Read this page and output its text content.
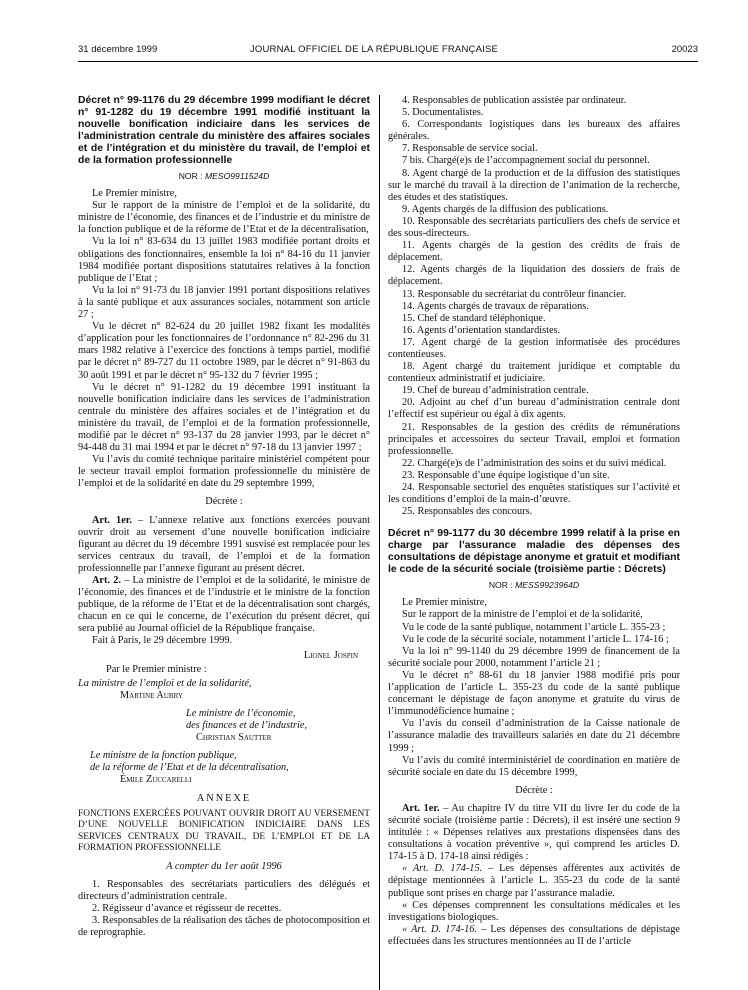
31 décembre 1999	JOURNAL OFFICIEL DE LA RÉPUBLIQUE FRANÇAISE	20023

Décret n° 99-1176 du 29 décembre 1999 modifiant le décret n° 91-1282 du 19 décembre 1991 modifié instituant la nouvelle bonification indiciaire dans les services de l’administration centrale du ministère des affaires sociales et de l’intégration et du ministère du travail, de l’emploi et de la formation professionnelle

NOR : MESO9911524D

Le Premier ministre,

Sur le rapport de la ministre de l’emploi et de la solidarité, du ministre de l’économie, des finances et de l’industrie et du ministre de la fonction publique et de la réforme de l’Etat et de la décentralisation,

Vu la loi n° 83-634 du 13 juillet 1983 modifiée portant droits et obligations des fonctionnaires, ensemble la loi n° 84-16 du 11 janvier 1984 modifiée portant dispositions statutaires relatives à la fonction publique de l’Etat ;

Vu la loi n° 91-73 du 18 janvier 1991 portant dispositions relatives à la santé publique et aux assurances sociales, notamment son article 27 ;

Vu le décret n° 82-624 du 20 juillet 1982 fixant les modalités d’application pour les fonctionnaires de l’ordonnance n° 82-296 du 31 mars 1982 relative à l’exercice des fonctions à temps partiel, modifié par le décret n° 89-727 du 11 octobre 1989, par le décret n° 91-863 du 30 août 1991 et par le décret n° 95-132 du 7 février 1995 ;

Vu le décret n° 91-1282 du 19 décembre 1991 instituant la nouvelle bonification indiciaire dans les services de l’administration centrale du ministère des affaires sociales et de l’intégration et du ministère du travail, de l’emploi et de la formation professionnelle, modifié par le décret n° 93-137 du 28 janvier 1993, par le décret n° 94-448 du 31 mai 1994 et par le décret n° 97-18 du 13 janvier 1997 ;

Vu l’avis du comité technique paritaire ministériel compétent pour le secteur travail emploi formation professionnelle du ministère de l’emploi et de la solidarité en date du 29 septembre 1999,

Décrète :

Art. 1er. – L’annexe relative aux fonctions exercées pouvant ouvrir droit au versement d’une nouvelle bonification indiciaire figurant au décret du 19 décembre 1991 susvisé est remplacée pour les services centraux du travail, de l’emploi et de la formation professionnelle par l’annexe figurant au présent décret.

Art. 2. – La ministre de l’emploi et de la solidarité, le ministre de l’économie, des finances et de l’industrie et le ministre de la fonction publique, de la réforme de l’Etat et de la décentralisation sont chargés, chacun en ce qui le concerne, de l’exécution du présent décret, qui sera publié au Journal officiel de la République française.

Fait à Paris, le 29 décembre 1999.

Lionel Jospin

Par le Premier ministre :

La ministre de l’emploi et de la solidarité,

Martine Aubry

Le ministre de l’économie,

des finances et de l’industrie,

Christian Sautter

Le ministre de la fonction publique,

de la réforme de l’Etat et de la décentralisation,

Émile Zuccarelli

ANNEXE

FONCTIONS EXERCÉES POUVANT OUVRIR DROIT AU VERSEMENT D’UNE NOUVELLE BONIFICATION INDICIAIRE DANS LES SERVICES CENTRAUX DU TRAVAIL, DE L’EMPLOI ET DE LA FORMATION PROFESSIONNELLE

A compter du 1er août 1996

1. Responsables des secrétariats particuliers des délégués et directeurs d’administration centrale.

2. Régisseur d’avance et régisseur de recettes.

3. Responsables de la réalisation des tâches de photocomposition et de reprographie.

4. Responsables de publication assistée par ordinateur.

5. Documentalistes.

6. Correspondants logistiques dans les bureaux des affaires générales.

7. Responsable de service social.

7 bis. Chargé(e)s de l’accompagnement social du personnel.

8. Agent chargé de la production et de la diffusion des statistiques sur le marché du travail à la direction de l’animation de la recherche, des études et des statistiques.

9. Agents chargés de la diffusion des publications.

10. Responsable des secrétariats particuliers des chefs de service et des sous-directeurs.

11. Agents chargés de la gestion des crédits de frais de déplacement.

12. Agents chargés de la liquidation des dossiers de frais de déplacement.

13. Responsable du secrétariat du contrôleur financier.

14. Agents chargés de travaux de réparations.

15. Chef de standard téléphonique.

16. Agents d’orientation standardistes.

17. Agent chargé de la gestion informatisée des procédures contentieuses.

18. Agent chargé du traitement juridique et comptable du contentieux administratif et judiciaire.

19. Chef de bureau d’administration centrale.

20. Adjoint au chef d’un bureau d’administration centrale dont l’effectif est supérieur ou égal à dix agents.

21. Responsables de la gestion des crédits de rémunérations principales et accessoires du secteur Travail, emploi et formation professionnelle.

22. Chargé(e)s de l’administration des soins et du suivi médical.

23. Responsable d’une équipe logistique d’un site.

24. Responsable sectoriel des enquêtes statistiques sur l’activité et les conditions d’emploi de la main-d’œuvre.

25. Responsables des concours.

Décret n° 99-1177 du 30 décembre 1999 relatif à la prise en charge par l’assurance maladie des dépenses des consultations de dépistage anonyme et gratuit et modifiant le code de la sécurité sociale (troisième partie : Décrets)

NOR : MESS9923964D

Le Premier ministre,

Sur le rapport de la ministre de l’emploi et de la solidarité,

Vu le code de la santé publique, notamment l’article L. 355-23 ;

Vu le code de la sécurité sociale, notamment l’article L. 174-16 ;

Vu la loi n° 99-1140 du 29 décembre 1999 de financement de la sécurité sociale pour 2000, notamment l’article 21 ;

Vu le décret n° 88-61 du 18 janvier 1988 modifié pris pour l’application de l’article L. 355-23 du code de la santé publique concernant le dépistage de façon anonyme et gratuite du virus de l’immunodéficience humaine ;

Vu l’avis du conseil d’administration de la Caisse nationale de l’assurance maladie des travailleurs salariés en date du 21 décembre 1999 ;

Vu l’avis du comité interministériel de coordination en matière de sécurité sociale en date du 15 décembre 1999,

Décrète :

Art. 1er. – Au chapitre IV du titre VII du livre Ier du code de la sécurité sociale (troisième partie : Décrets), il est inséré une section 9 intitulée : « Dépenses relatives aux prestations dispensées dans des consultations à vocation préventive », qui comprend les articles D. 174-15 à D. 174-18 ainsi rédigés :

« Art. D. 174-15. – Les dépenses afférentes aux activités de dépistage mentionnées à l’article L. 355-23 du code de la santé publique sont prises en charge par l’assurance maladie.

« Ces dépenses comprennent les consultations médicales et les investigations biologiques.

« Art. D. 174-16. – Les dépenses des consultations de dépistage effectuées dans les structures mentionnées au II de l’article
